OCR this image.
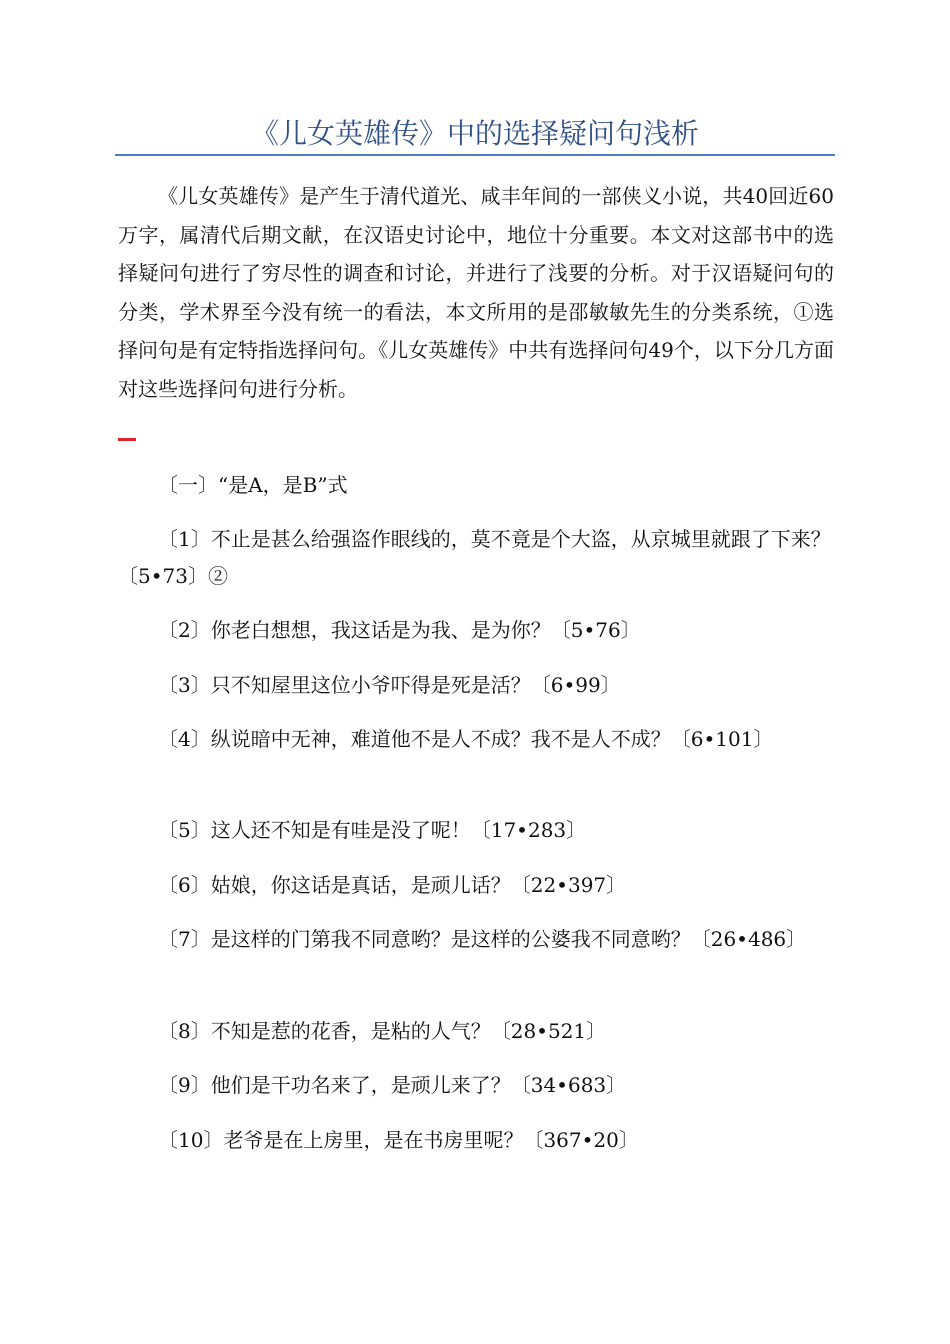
《儿女英雄传》中的选择疑问句浅析

《儿女英雄传》是产生于清代道光、咸丰年间的一部侠义小说，共40回近60万字，属清代后期文献，在汉语史讨论中，地位十分重要。本文对这部书中的选择疑问句进行了穷尽性的调查和讨论，并进行了浅要的分析。对于汉语疑问句的分类，学术界至今没有统一的看法，本文所用的是邵敏敏先生的分类系统，①选择问句是有定特指选择问句。《儿女英雄传》中共有选择问句49个，以下分几方面对这些选择问句进行分析。

〔一〕“是A，是B”式

〔1〕不止是甚么给强盗作眼线的，莫不竟是个大盗，从京城里就跟了下来？〔5•73〕②

〔2〕你老白想想，我这话是为我、是为你？〔5•76〕

〔3〕只不知屋里这位小爷吓得是死是活？〔6•99〕

〔4〕纵说暗中无神，难道他不是人不成？我不是人不成？〔6•101〕

〔5〕这人还不知是有哇是没了呢！〔17•283〕

〔6〕姑娘，你这话是真话，是顽儿话？〔22•397〕

〔7〕是这样的门第我不同意哟？是这样的公婆我不同意哟？〔26•486〕

〔8〕不知是惹的花香，是粘的人气？〔28•521〕

〔9〕他们是干功名来了，是顽儿来了？〔34•683〕

〔10〕老爷是在上房里，是在书房里呢？〔367•20〕
